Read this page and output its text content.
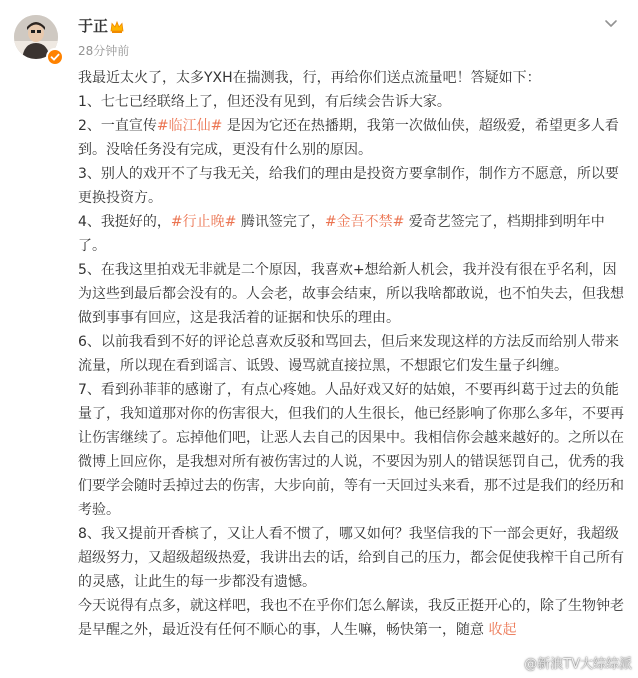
于正
28分钟前

我最近太火了，太多YXH在揣测我，行，再给你们送点流量吧！答疑如下：

1、七七已经联络上了，但还没有见到，有后续会告诉大家。

2、一直宣传#临江仙# 是因为它还在热播期，我第一次做仙侠，超级爱，希望更多人看到。没啥任务没有完成，更没有什么别的原因。

3、别人的戏开不了与我无关，给我们的理由是投资方要拿制作，制作方不愿意，所以要更换投资方。

4、我挺好的，#行止晚# 腾讯签完了，#金吾不禁# 爱奇艺签完了，档期排到明年中了。

5、在我这里拍戏无非就是二个原因，我喜欢+想给新人机会，我并没有很在乎名利，因为这些到最后都会没有的。人会老，故事会结束，所以我啥都敢说，也不怕失去，但我想做到事事有回应，这是我活着的证据和快乐的理由。

6、以前我看到不好的评论总喜欢反驳和骂回去，但后来发现这样的方法反而给别人带来流量，所以现在看到谣言、诋毁、谩骂就直接拉黑，不想跟它们发生量子纠缠。

7、看到孙菲菲的感谢了，有点心疼她。人品好戏又好的姑娘，不要再纠葛于过去的负能量了，我知道那对你的伤害很大，但我们的人生很长，他已经影响了你那么多年，不要再让伤害继续了。忘掉他们吧，让恶人去自己的因果中。我相信你会越来越好的。之所以在微博上回应你，是我想对所有被伤害过的人说，不要因为别人的错误惩罚自己，优秀的我们要学会随时丢掉过去的伤害，大步向前，等有一天回过头来看，那不过是我们的经历和考验。

8、我又提前开香槟了，又让人看不惯了，哪又如何？我坚信我的下一部会更好，我超级超级努力，又超级超级热爱，我讲出去的话，给到自己的压力，都会促使我榨干自己所有的灵感，让此生的每一步都没有遗憾。

今天说得有点多，就这样吧，我也不在乎你们怎么解读，我反正挺开心的，除了生物钟老是早醒之外，最近没有任何不顺心的事，人生嘛，畅快第一，随意 收起

@新浪TV大综综派
